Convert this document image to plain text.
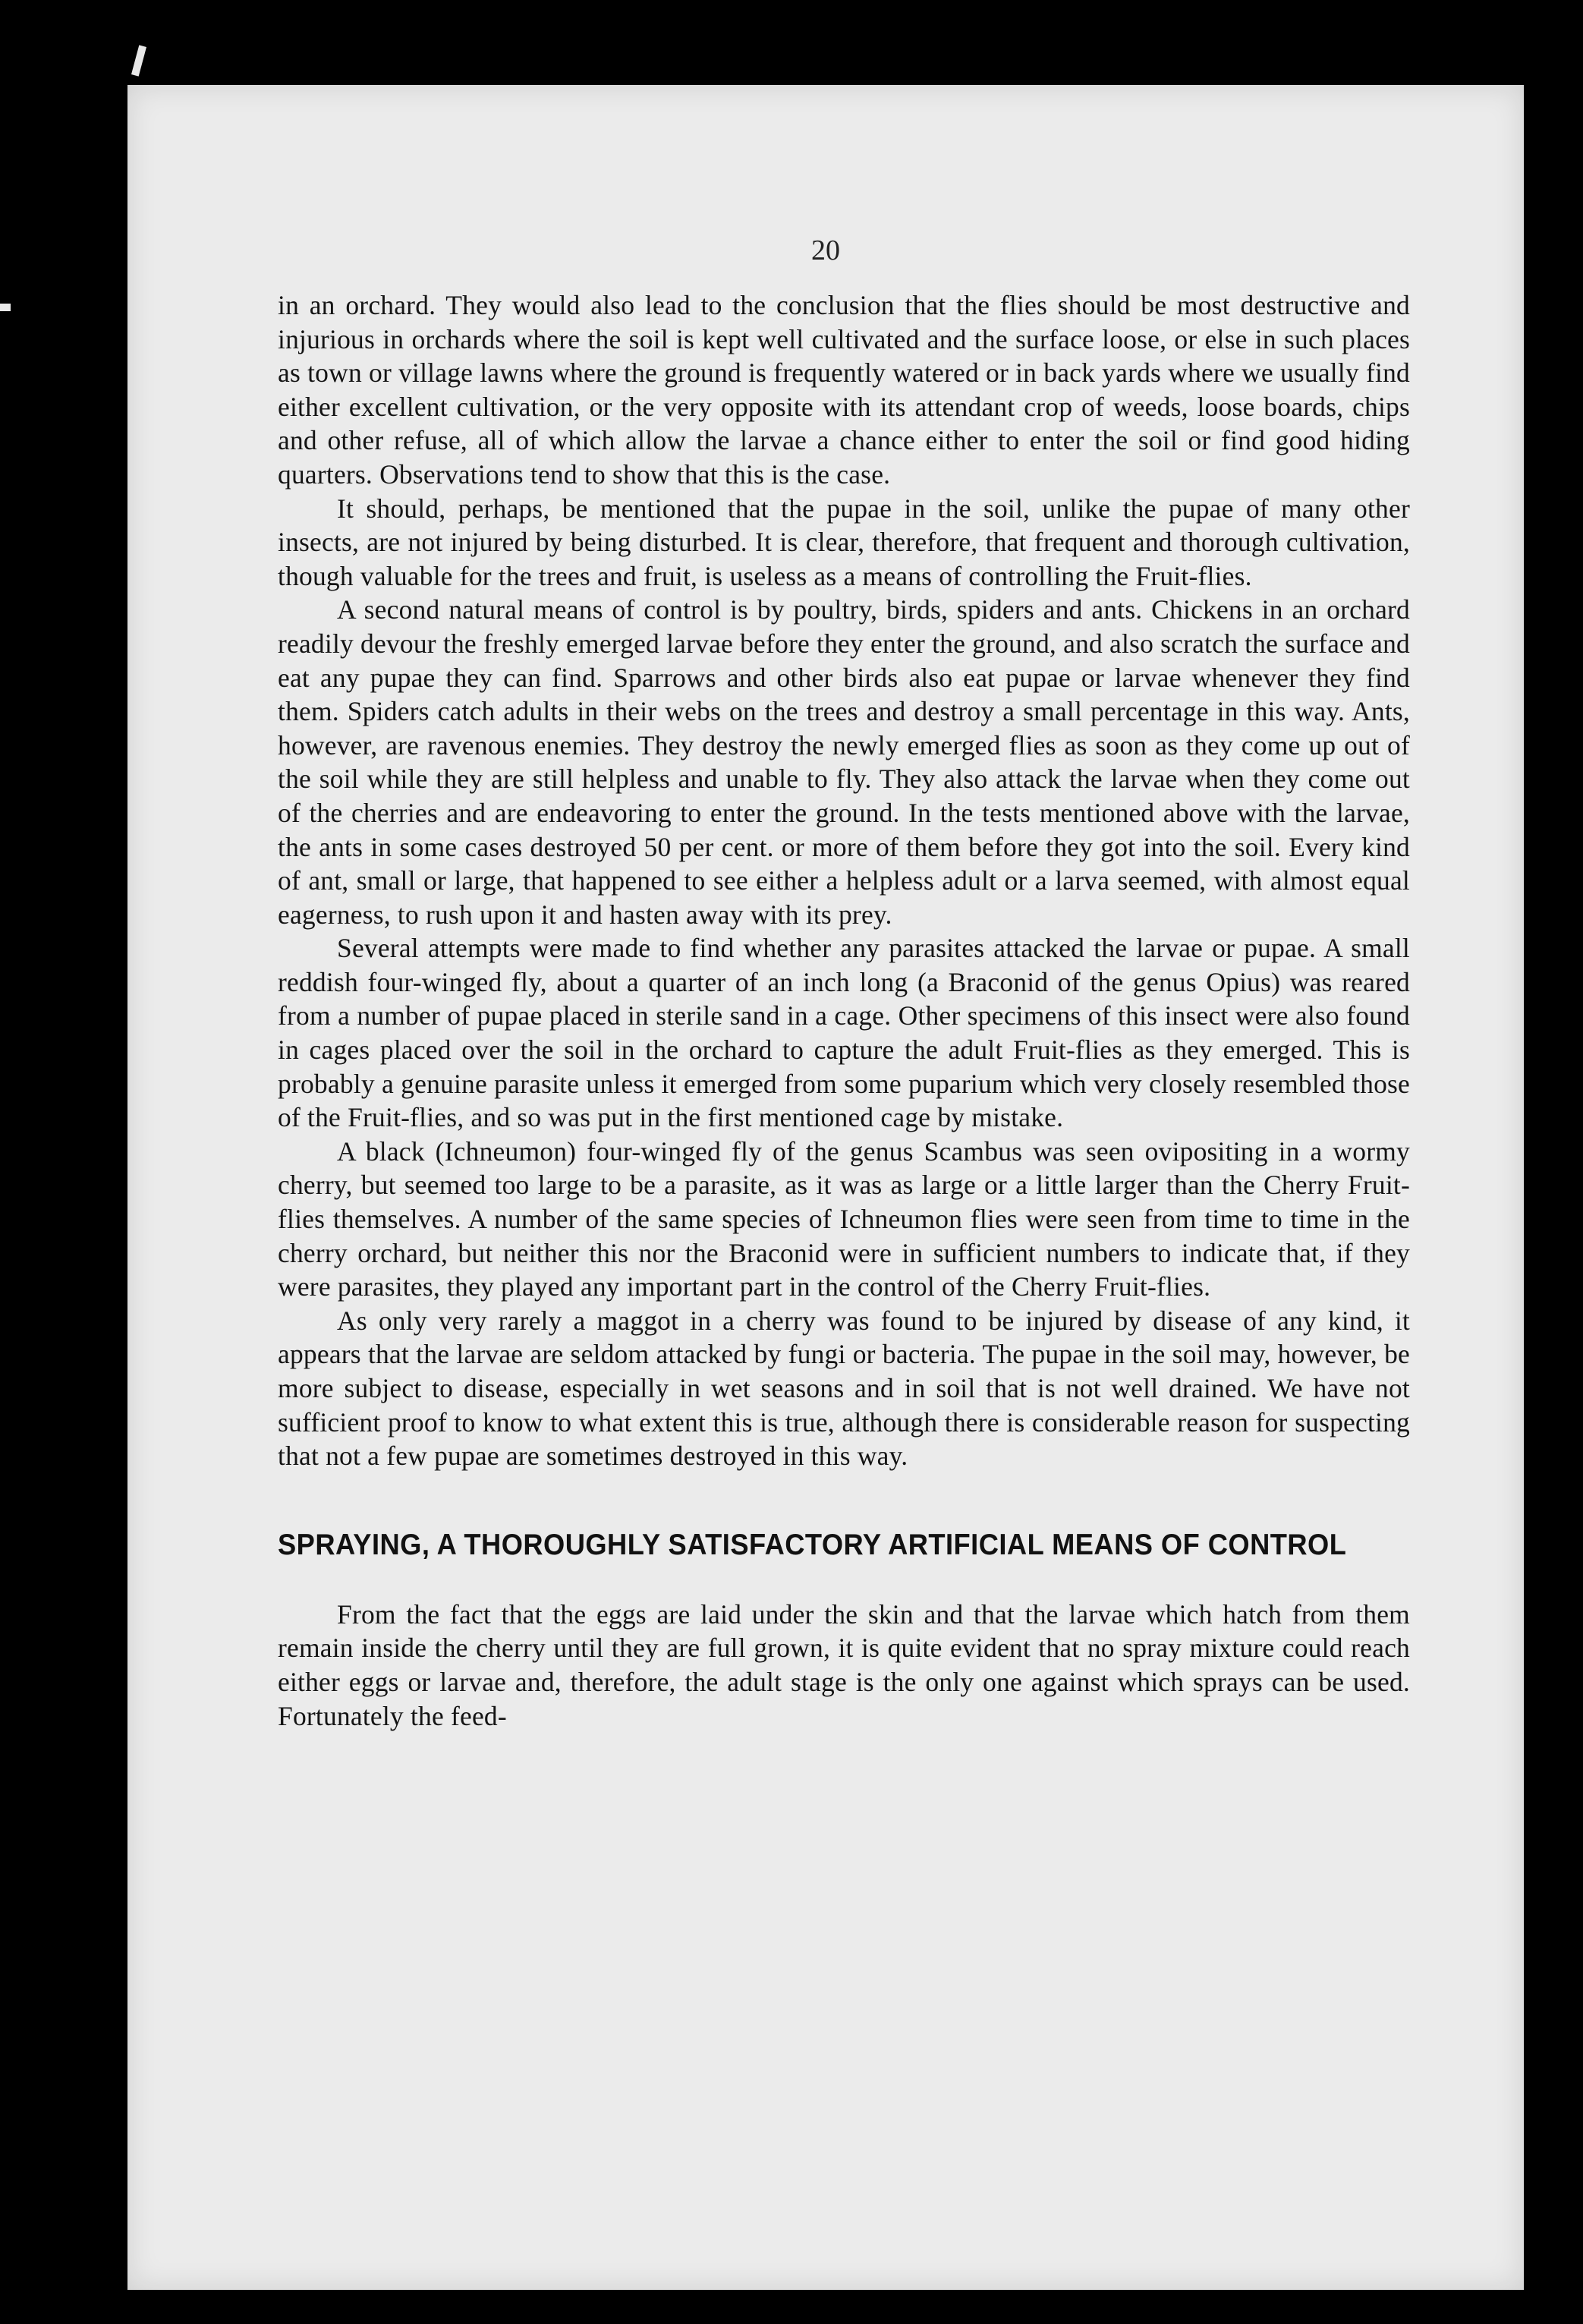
20

in an orchard. They would also lead to the conclusion that the flies should be most destructive and injurious in orchards where the soil is kept well cultivated and the surface loose, or else in such places as town or village lawns where the ground is frequently watered or in back yards where we usually find either excellent cultivation, or the very opposite with its attendant crop of weeds, loose boards, chips and other refuse, all of which allow the larvae a chance either to enter the soil or find good hiding quarters. Observations tend to show that this is the case.

It should, perhaps, be mentioned that the pupae in the soil, unlike the pupae of many other insects, are not injured by being disturbed. It is clear, therefore, that frequent and thorough cultivation, though valuable for the trees and fruit, is useless as a means of controlling the Fruit-flies.

A second natural means of control is by poultry, birds, spiders and ants. Chickens in an orchard readily devour the freshly emerged larvae before they enter the ground, and also scratch the surface and eat any pupae they can find. Sparrows and other birds also eat pupae or larvae whenever they find them. Spiders catch adults in their webs on the trees and destroy a small percentage in this way. Ants, however, are ravenous enemies. They destroy the newly emerged flies as soon as they come up out of the soil while they are still helpless and unable to fly. They also attack the larvae when they come out of the cherries and are endeavoring to enter the ground. In the tests mentioned above with the larvae, the ants in some cases destroyed 50 per cent. or more of them before they got into the soil. Every kind of ant, small or large, that happened to see either a helpless adult or a larva seemed, with almost equal eagerness, to rush upon it and hasten away with its prey.

Several attempts were made to find whether any parasites attacked the larvae or pupae. A small reddish four-winged fly, about a quarter of an inch long (a Braconid of the genus Opius) was reared from a number of pupae placed in sterile sand in a cage. Other specimens of this insect were also found in cages placed over the soil in the orchard to capture the adult Fruit-flies as they emerged. This is probably a genuine parasite unless it emerged from some puparium which very closely resembled those of the Fruit-flies, and so was put in the first mentioned cage by mistake.

A black (Ichneumon) four-winged fly of the genus Scambus was seen ovipositing in a wormy cherry, but seemed too large to be a parasite, as it was as large or a little larger than the Cherry Fruit-flies themselves. A number of the same species of Ichneumon flies were seen from time to time in the cherry orchard, but neither this nor the Braconid were in sufficient numbers to indicate that, if they were parasites, they played any important part in the control of the Cherry Fruit-flies.

As only very rarely a maggot in a cherry was found to be injured by disease of any kind, it appears that the larvae are seldom attacked by fungi or bacteria. The pupae in the soil may, however, be more subject to disease, especially in wet seasons and in soil that is not well drained. We have not sufficient proof to know to what extent this is true, although there is considerable reason for suspecting that not a few pupae are sometimes destroyed in this way.

SPRAYING, A THOROUGHLY SATISFACTORY ARTIFICIAL MEANS OF CONTROL

From the fact that the eggs are laid under the skin and that the larvae which hatch from them remain inside the cherry until they are full grown, it is quite evident that no spray mixture could reach either eggs or larvae and, therefore, the adult stage is the only one against which sprays can be used. Fortunately the feed-
